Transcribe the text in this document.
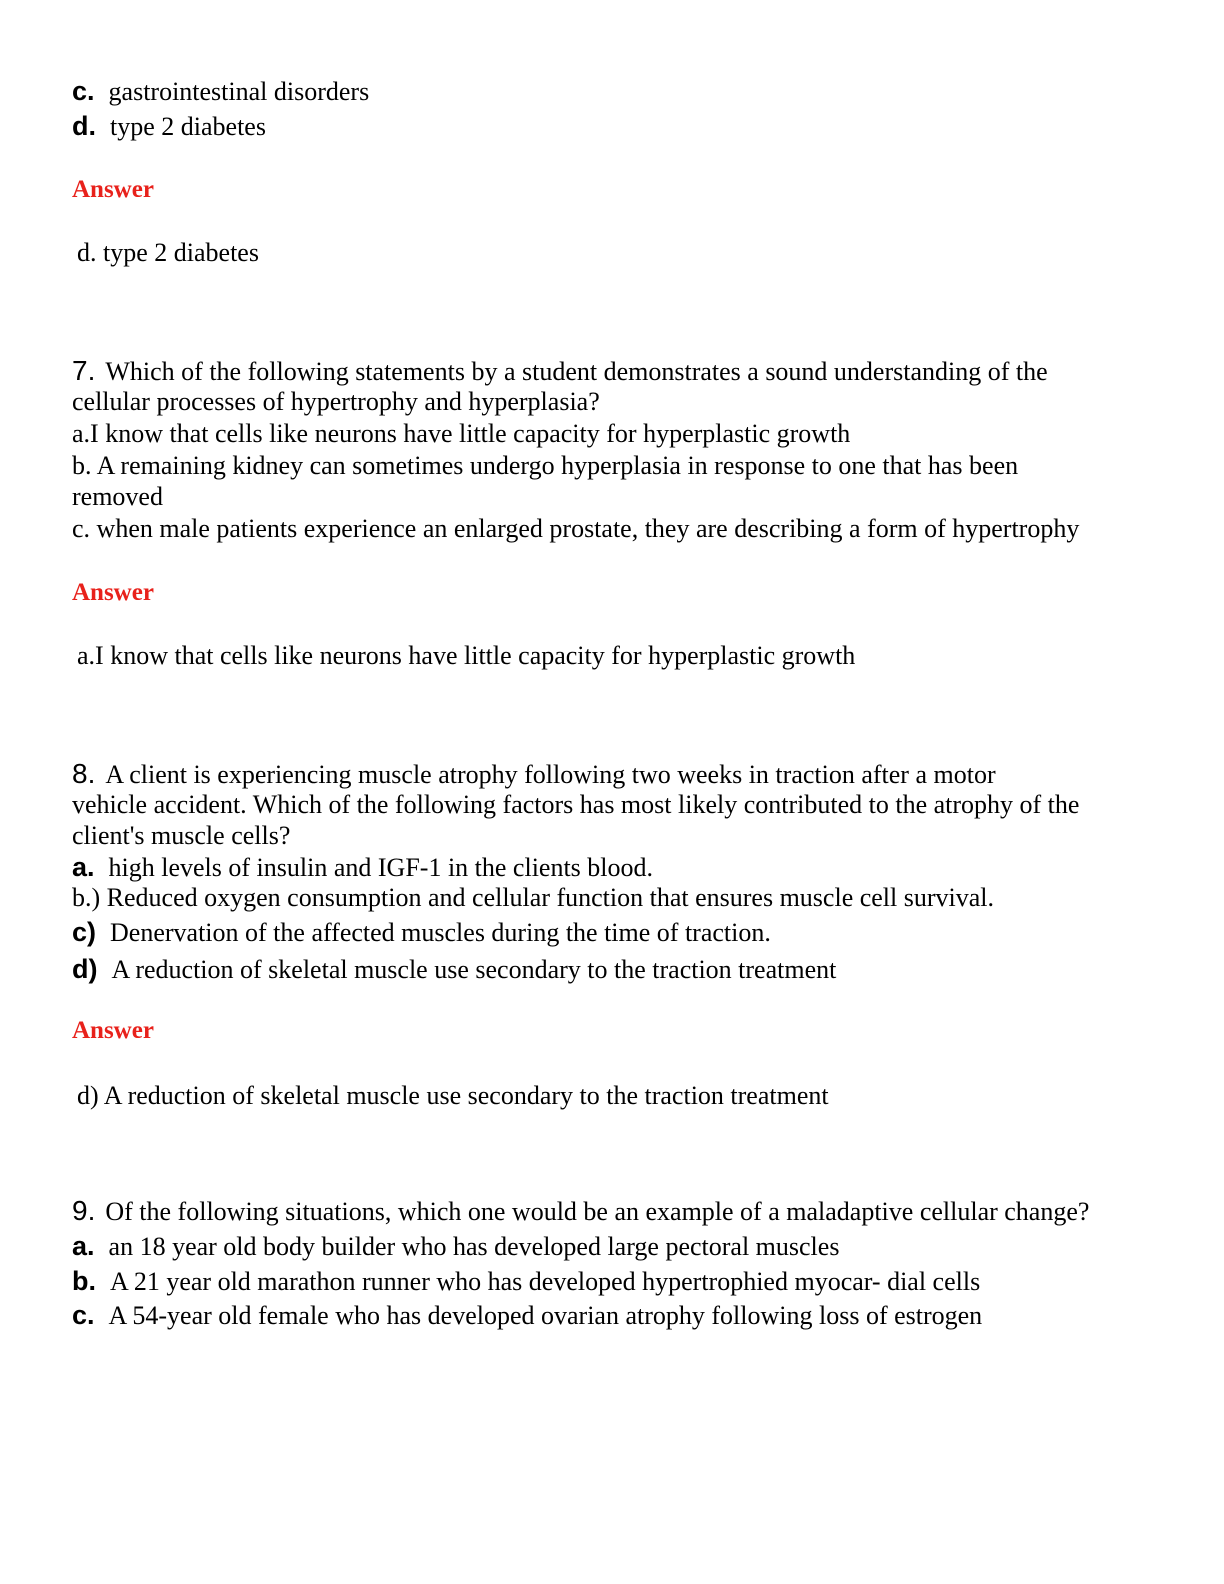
c. gastrointestinal disorders
d. type 2 diabetes
Answer
d. type 2 diabetes
7. Which of the following statements by a student demonstrates a sound understanding of the
cellular processes of hypertrophy and hyperplasia?
a.I know that cells like neurons have little capacity for hyperplastic growth
b. A remaining kidney can sometimes undergo hyperplasia in response to one that has been
removed
c. when male patients experience an enlarged prostate, they are describing a form of hypertrophy
Answer
a.I know that cells like neurons have little capacity for hyperplastic growth
8. A client is experiencing muscle atrophy following two weeks in traction after a motor
vehicle accident. Which of the following factors has most likely contributed to the atrophy of the
client's muscle cells?
a. high levels of insulin and IGF-1 in the clients blood.
b.) Reduced oxygen consumption and cellular function that ensures muscle cell survival.
c) Denervation of the affected muscles during the time of traction.
d) A reduction of skeletal muscle use secondary to the traction treatment
Answer
d) A reduction of skeletal muscle use secondary to the traction treatment
9. Of the following situations, which one would be an example of a maladaptive cellular change?
a. an 18 year old body builder who has developed large pectoral muscles
b. A 21 year old marathon runner who has developed hypertrophied myocar- dial cells
c. A 54-year old female who has developed ovarian atrophy following loss of estrogen
